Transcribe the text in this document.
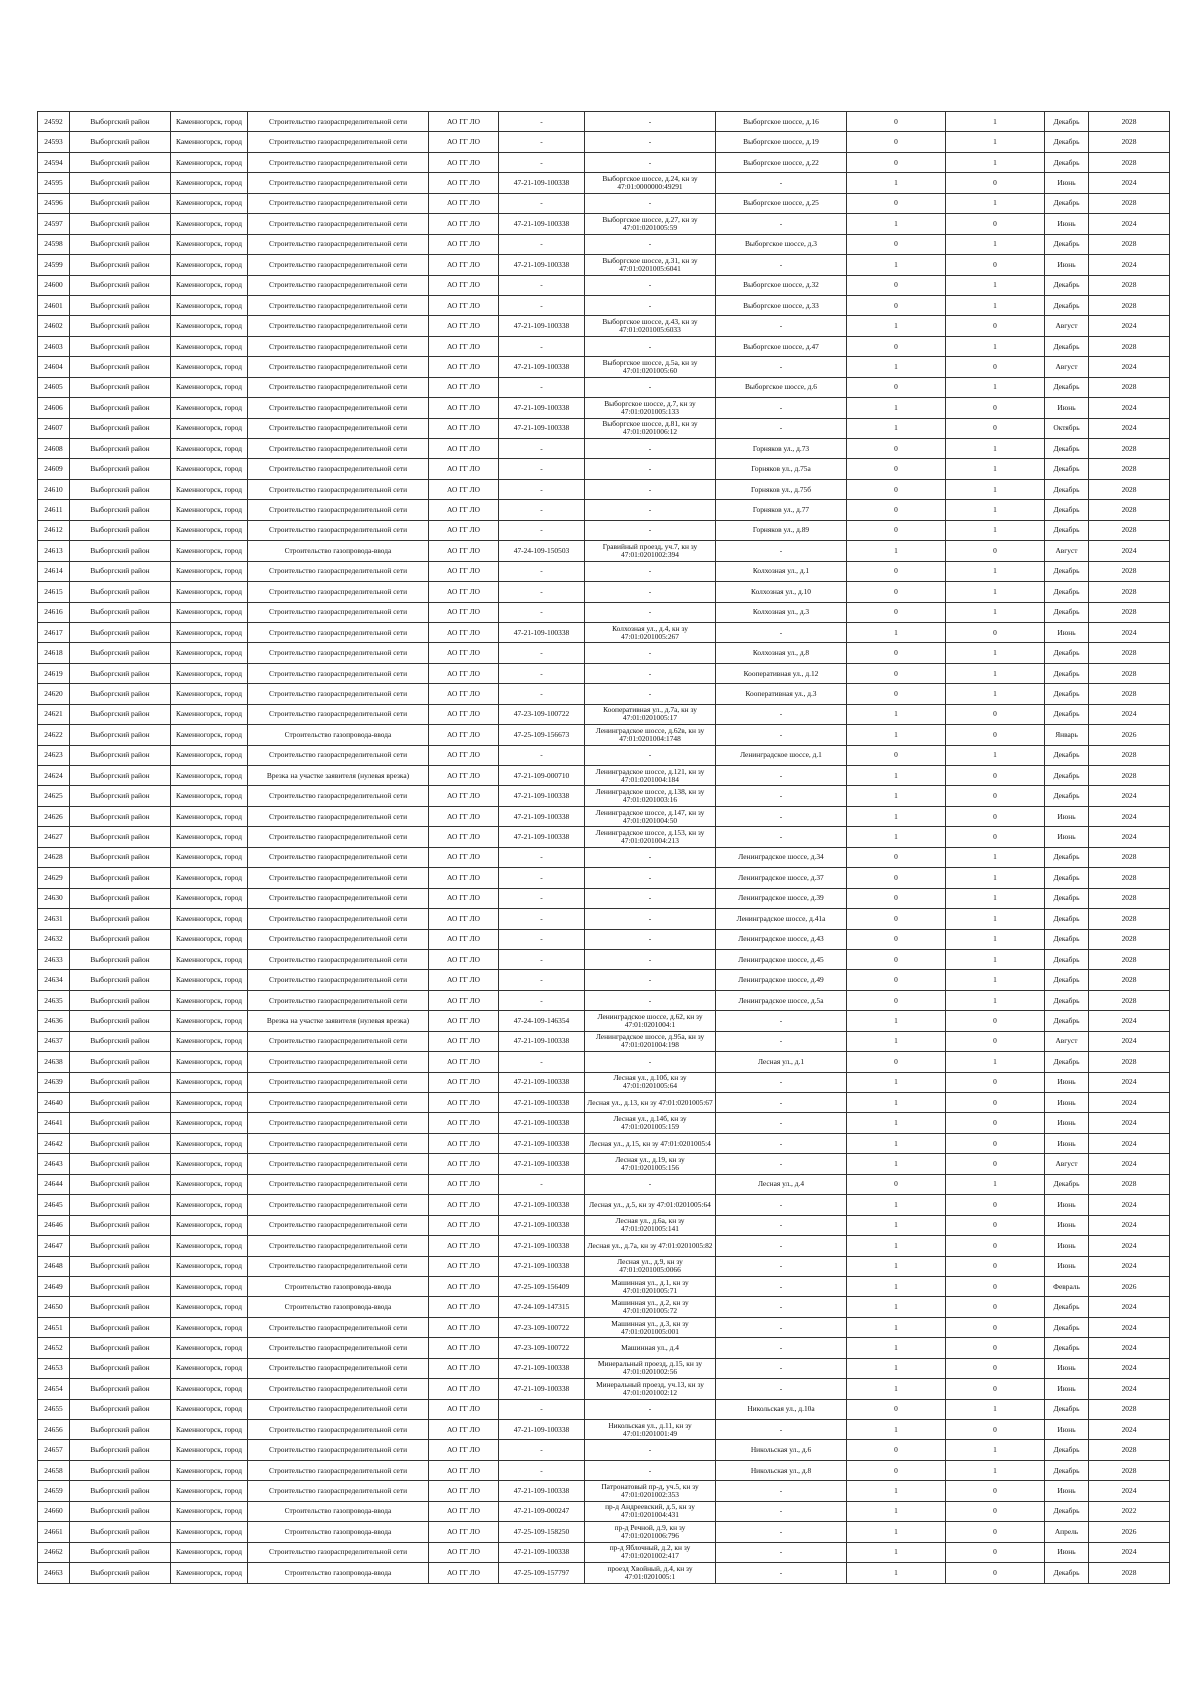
24592	Выборгский район	Каменногорск, город	Строительство газораспределительной сети	АО ГГ ЛО	-	-	Выборгское шоссе, д.16	0	1	Декабрь	2028
24593	Выборгский район	Каменногорск, город	Строительство газораспределительной сети	АО ГГ ЛО	-	-	Выборгское шоссе, д.19	0	1	Декабрь	2028
24594	Выборгский район	Каменногорск, город	Строительство газораспределительной сети	АО ГГ ЛО	-	-	Выборгское шоссе, д.22	0	1	Декабрь	2028
24595	Выборгский район	Каменногорск, город	Строительство газораспределительной сети	АО ГГ ЛО	47-21-109-100338	Выборгское шоссе, д.24, кн зу 47:01:0000000:49291	-	1	0	Июнь	2024
24596	Выборгский район	Каменногорск, город	Строительство газораспределительной сети	АО ГГ ЛО	-	-	Выборгское шоссе, д.25	0	1	Декабрь	2028
24597	Выборгский район	Каменногорск, город	Строительство газораспределительной сети	АО ГГ ЛО	47-21-109-100338	Выборгское шоссе, д.27, кн зу 47:01:0201005:59	-	1	0	Июнь	2024
24598	Выборгский район	Каменногорск, город	Строительство газораспределительной сети	АО ГГ ЛО	-	-	Выборгское шоссе, д.3	0	1	Декабрь	2028
24599	Выборгский район	Каменногорск, город	Строительство газораспределительной сети	АО ГГ ЛО	47-21-109-100338	Выборгское шоссе, д.31, кн зу 47:01:0201005:6041	-	1	0	Июнь	2024
24600	Выборгский район	Каменногорск, город	Строительство газораспределительной сети	АО ГГ ЛО	-	-	Выборгское шоссе, д.32	0	1	Декабрь	2028
24601	Выборгский район	Каменногорск, город	Строительство газораспределительной сети	АО ГГ ЛО	-	-	Выборгское шоссе, д.33	0	1	Декабрь	2028
24602	Выборгский район	Каменногорск, город	Строительство газораспределительной сети	АО ГГ ЛО	47-21-109-100338	Выборгское шоссе, д.43, кн зу 47:01:0201005:6033	-	1	0	Август	2024
24603	Выборгский район	Каменногорск, город	Строительство газораспределительной сети	АО ГГ ЛО	-	-	Выборгское шоссе, д.47	0	1	Декабрь	2028
24604	Выборгский район	Каменногорск, город	Строительство газораспределительной сети	АО ГГ ЛО	47-21-109-100338	Выборгское шоссе, д.5а, кн зу 47:01:0201005:60	-	1	0	Август	2024
24605	Выборгский район	Каменногорск, город	Строительство газораспределительной сети	АО ГГ ЛО	-	-	Выборгское шоссе, д.6	0	1	Декабрь	2028
24606	Выборгский район	Каменногорск, город	Строительство газораспределительной сети	АО ГГ ЛО	47-21-109-100338	Выборгское шоссе, д.7, кн зу 47:01:0201005:133	-	1	0	Июнь	2024
24607	Выборгский район	Каменногорск, город	Строительство газораспределительной сети	АО ГГ ЛО	47-21-109-100338	Выборгское шоссе, д.81, кн зу 47:01:0201006:12	-	1	0	Октябрь	2024
24608	Выборгский район	Каменногорск, город	Строительство газораспределительной сети	АО ГГ ЛО	-	-	Горняков ул., д.73	0	1	Декабрь	2028
24609	Выборгский район	Каменногорск, город	Строительство газораспределительной сети	АО ГГ ЛО	-	-	Горняков ул., д.75а	0	1	Декабрь	2028
24610	Выборгский район	Каменногорск, город	Строительство газораспределительной сети	АО ГГ ЛО	-	-	Горняков ул., д.75б	0	1	Декабрь	2028
24611	Выборгский район	Каменногорск, город	Строительство газораспределительной сети	АО ГГ ЛО	-	-	Горняков ул., д.77	0	1	Декабрь	2028
24612	Выборгский район	Каменногорск, город	Строительство газораспределительной сети	АО ГГ ЛО	-	-	Горняков ул., д.89	0	1	Декабрь	2028
24613	Выборгский район	Каменногорск, город	Строительство газопровода-ввода	АО ГГ ЛО	47-24-109-150503	Гравийный проезд, уч.7, кн зу 47:01:0201002:394	-	1	0	Август	2024
24614	Выборгский район	Каменногорск, город	Строительство газораспределительной сети	АО ГГ ЛО	-	-	Колхозная ул., д.1	0	1	Декабрь	2028
24615	Выборгский район	Каменногорск, город	Строительство газораспределительной сети	АО ГГ ЛО	-	-	Колхозная ул., д.10	0	1	Декабрь	2028
24616	Выборгский район	Каменногорск, город	Строительство газораспределительной сети	АО ГГ ЛО	-	-	Колхозная ул., д.3	0	1	Декабрь	2028
24617	Выборгский район	Каменногорск, город	Строительство газораспределительной сети	АО ГГ ЛО	47-21-109-100338	Колхозная ул., д.4, кн зу 47:01:0201005:267	-	1	0	Июнь	2024
24618	Выборгский район	Каменногорск, город	Строительство газораспределительной сети	АО ГГ ЛО	-	-	Колхозная ул., д.8	0	1	Декабрь	2028
24619	Выборгский район	Каменногорск, город	Строительство газораспределительной сети	АО ГГ ЛО	-	-	Кооперативная ул., д.12	0	1	Декабрь	2028
24620	Выборгский район	Каменногорск, город	Строительство газораспределительной сети	АО ГГ ЛО	-	-	Кооперативная ул., д.3	0	1	Декабрь	2028
24621	Выборгский район	Каменногорск, город	Строительство газораспределительной сети	АО ГГ ЛО	47-23-109-100722	Кооперативная ул., д.7а, кн зу 47:01:0201005:17	-	1	0	Декабрь	2024
24622	Выборгский район	Каменногорск, город	Строительство газопровода-ввода	АО ГГ ЛО	47-25-109-156673	Ленинградское шоссе, д.62в, кн зу 47:01:0201004:1748	-	1	0	Январь	2026
24623	Выборгский район	Каменногорск, город	Строительство газораспределительной сети	АО ГГ ЛО	-	-	Ленинградское шоссе, д.1	0	1	Декабрь	2028
24624	Выборгский район	Каменногорск, город	Врезка на участке заявителя (нулевая врезка)	АО ГГ ЛО	47-21-109-000710	Ленинградское шоссе, д.121, кн зу 47:01:0201004:184	-	1	0	Декабрь	2028
24625	Выборгский район	Каменногорск, город	Строительство газораспределительной сети	АО ГГ ЛО	47-21-109-100338	Ленинградское шоссе, д.138, кн зу 47:01:0201003:16	-	1	0	Декабрь	2024
24626	Выборгский район	Каменногорск, город	Строительство газораспределительной сети	АО ГГ ЛО	47-21-109-100338	Ленинградское шоссе, д.147, кн зу 47:01:0201004:50	-	1	0	Июнь	2024
24627	Выборгский район	Каменногорск, город	Строительство газораспределительной сети	АО ГГ ЛО	47-21-109-100338	Ленинградское шоссе, д.153, кн зу 47:01:0201004:213	-	1	0	Июнь	2024
24628	Выборгский район	Каменногорск, город	Строительство газораспределительной сети	АО ГГ ЛО	-	-	Ленинградское шоссе, д.34	0	1	Декабрь	2028
24629	Выборгский район	Каменногорск, город	Строительство газораспределительной сети	АО ГГ ЛО	-	-	Ленинградское шоссе, д.37	0	1	Декабрь	2028
24630	Выборгский район	Каменногорск, город	Строительство газораспределительной сети	АО ГГ ЛО	-	-	Ленинградское шоссе, д.39	0	1	Декабрь	2028
24631	Выборгский район	Каменногорск, город	Строительство газораспределительной сети	АО ГГ ЛО	-	-	Ленинградское шоссе, д.41а	0	1	Декабрь	2028
24632	Выборгский район	Каменногорск, город	Строительство газораспределительной сети	АО ГГ ЛО	-	-	Ленинградское шоссе, д.43	0	1	Декабрь	2028
24633	Выборгский район	Каменногорск, город	Строительство газораспределительной сети	АО ГГ ЛО	-	-	Ленинградское шоссе, д.45	0	1	Декабрь	2028
24634	Выборгский район	Каменногорск, город	Строительство газораспределительной сети	АО ГГ ЛО	-	-	Ленинградское шоссе, д.49	0	1	Декабрь	2028
24635	Выборгский район	Каменногорск, город	Строительство газораспределительной сети	АО ГГ ЛО	-	-	Ленинградское шоссе, д.5а	0	1	Декабрь	2028
24636	Выборгский район	Каменногорск, город	Врезка на участке заявителя (нулевая врезка)	АО ГГ ЛО	47-24-109-146354	Ленинградское шоссе, д.62, кн зу 47:01:0201004:1	-	1	0	Декабрь	2024
24637	Выборгский район	Каменногорск, город	Строительство газораспределительной сети	АО ГГ ЛО	47-21-109-100338	Ленинградское шоссе, д.95а, кн зу 47:01:0201004:198	-	1	0	Август	2024
24638	Выборгский район	Каменногорск, город	Строительство газораспределительной сети	АО ГГ ЛО	-	-	Лесная ул., д.1	0	1	Декабрь	2028
24639	Выборгский район	Каменногорск, город	Строительство газораспределительной сети	АО ГГ ЛО	47-21-109-100338	Лесная ул., д.10б, кн зу 47:01:0201005:64	-	1	0	Июнь	2024
24640	Выборгский район	Каменногорск, город	Строительство газораспределительной сети	АО ГГ ЛО	47-21-109-100338	Лесная ул., д.13, кн зу 47:01:0201005:67	-	1	0	Июнь	2024
24641	Выборгский район	Каменногорск, город	Строительство газораспределительной сети	АО ГГ ЛО	47-21-109-100338	Лесная ул., д.14б, кн зу 47:01:0201005:159	-	1	0	Июнь	2024
24642	Выборгский район	Каменногорск, город	Строительство газораспределительной сети	АО ГГ ЛО	47-21-109-100338	Лесная ул., д.15, кн зу 47:01:0201005:4	-	1	0	Июнь	2024
24643	Выборгский район	Каменногорск, город	Строительство газораспределительной сети	АО ГГ ЛО	47-21-109-100338	Лесная ул., д.19, кн зу 47:01:0201005:156	-	1	0	Август	2024
24644	Выборгский район	Каменногорск, город	Строительство газораспределительной сети	АО ГГ ЛО	-	-	Лесная ул., д.4	0	1	Декабрь	2028
24645	Выборгский район	Каменногорск, город	Строительство газораспределительной сети	АО ГГ ЛО	47-21-109-100338	Лесная ул., д.5, кн зу 47:01:0201005:64	-	1	0	Июнь	2024
24646	Выборгский район	Каменногорск, город	Строительство газораспределительной сети	АО ГГ ЛО	47-21-109-100338	Лесная ул., д.6а, кн зу 47:01:0201005:141	-	1	0	Июнь	2024
24647	Выборгский район	Каменногорск, город	Строительство газораспределительной сети	АО ГГ ЛО	47-21-109-100338	Лесная ул., д.7а, кн зу 47:01:0201005:82	-	1	0	Июнь	2024
24648	Выборгский район	Каменногорск, город	Строительство газораспределительной сети	АО ГГ ЛО	47-21-109-100338	Лесная ул., д.9, кн зу 47:01:0201005:0066	-	1	0	Июнь	2024
24649	Выборгский район	Каменногорск, город	Строительство газопровода-ввода	АО ГГ ЛО	47-25-109-156409	Машинная ул., д.1, кн зу 47:01:0201005:71	-	1	0	Февраль	2026
24650	Выборгский район	Каменногорск, город	Строительство газопровода-ввода	АО ГГ ЛО	47-24-109-147315	Машинная ул., д.2, кн зу 47:01:0201005:72	-	1	0	Декабрь	2024
24651	Выборгский район	Каменногорск, город	Строительство газораспределительной сети	АО ГГ ЛО	47-23-109-100722	Машинная ул., д.3, кн зу 47:01:0201005:001	-	1	0	Декабрь	2024
24652	Выборгский район	Каменногорск, город	Строительство газораспределительной сети	АО ГГ ЛО	47-23-109-100722	Машинная ул., д.4	-	1	0	Декабрь	2024
24653	Выборгский район	Каменногорск, город	Строительство газораспределительной сети	АО ГГ ЛО	47-21-109-100338	Минеральный проезд, д.15, кн зу 47:01:0201002:56	-	1	0	Июнь	2024
24654	Выборгский район	Каменногорск, город	Строительство газораспределительной сети	АО ГГ ЛО	47-21-109-100338	Минеральный проезд, уч.13, кн зу 47:01:0201002:12	-	1	0	Июнь	2024
24655	Выборгский район	Каменногорск, город	Строительство газораспределительной сети	АО ГГ ЛО	-	-	Никольская ул., д.10а	0	1	Декабрь	2028
24656	Выборгский район	Каменногорск, город	Строительство газораспределительной сети	АО ГГ ЛО	47-21-109-100338	Никольская ул., д.11, кн зу 47:01:0201001:49	-	1	0	Июнь	2024
24657	Выборгский район	Каменногорск, город	Строительство газораспределительной сети	АО ГГ ЛО	-	-	Никольская ул., д.6	0	1	Декабрь	2028
24658	Выборгский район	Каменногорск, город	Строительство газораспределительной сети	АО ГГ ЛО	-	-	Никольская ул., д.8	0	1	Декабрь	2028
24659	Выборгский район	Каменногорск, город	Строительство газораспределительной сети	АО ГГ ЛО	47-21-109-100338	Патронатовый пр-д, уч.5, кн зу 47:01:0201002:353	-	1	0	Июнь	2024
24660	Выборгский район	Каменногорск, город	Строительство газопровода-ввода	АО ГГ ЛО	47-21-109-000247	пр-д Андреевский, д.5, кн зу 47:01:0201004:431	-	1	0	Декабрь	2022
24661	Выборгский район	Каменногорск, город	Строительство газопровода-ввода	АО ГГ ЛО	47-25-109-158250	пр-д Речной, д.9, кн зу 47:01:0201006:796	-	1	0	Апрель	2026
24662	Выборгский район	Каменногорск, город	Строительство газораспределительной сети	АО ГГ ЛО	47-21-109-100338	пр-д Яблочный, д.2, кн зу 47:01:0201002:417	-	1	0	Июнь	2024
24663	Выборгский район	Каменногорск, город	Строительство газопровода-ввода	АО ГГ ЛО	47-25-109-157797	проезд Хвойный, д.4, кн зу 47:01:0201005:1	-	1	0	Декабрь	2028
